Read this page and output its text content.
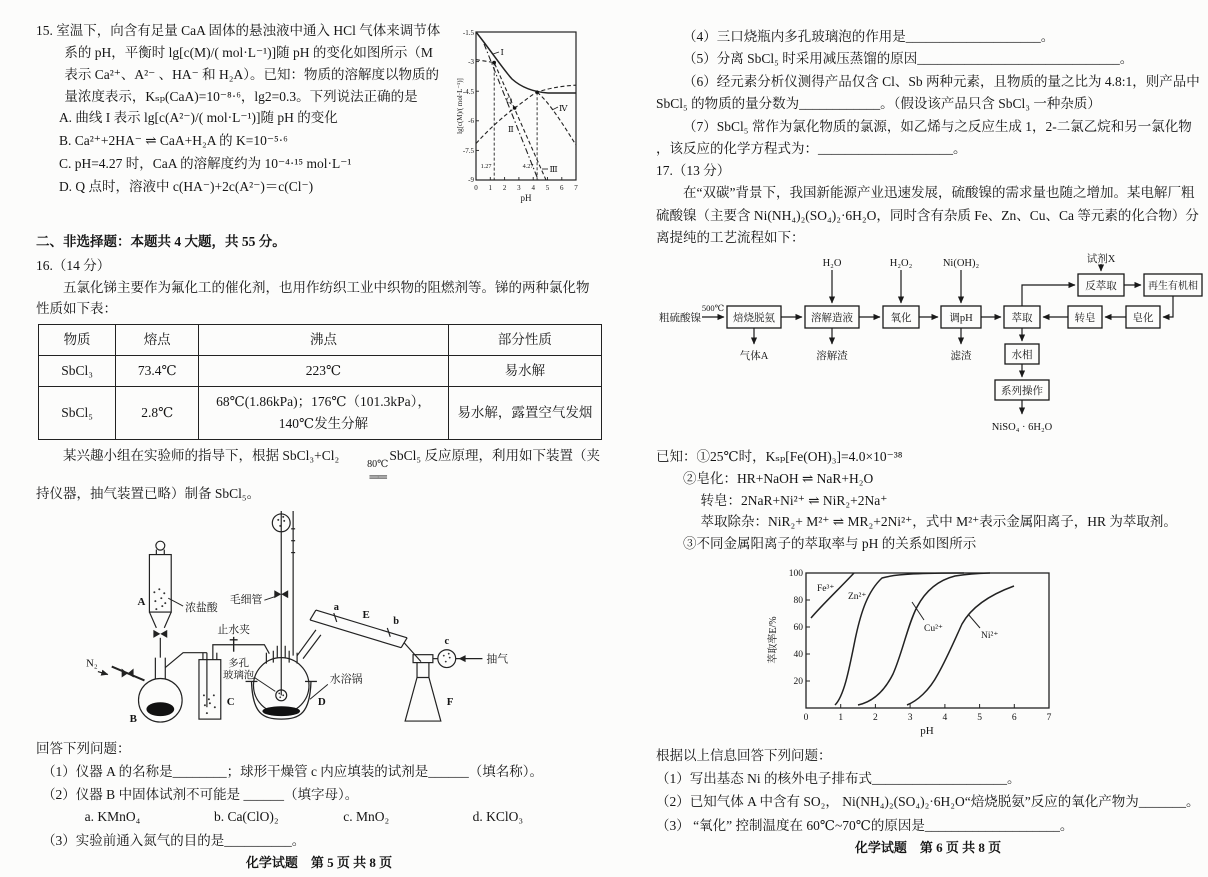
15. 室温下，向含有足量 CaA 固体的悬浊液中通入 HCl 气体来调节体系的 pH，平衡时 lg[c(M)/( mol·L⁻¹)]随 pH 的变化如图所示（M 表示 Ca²⁺、A²⁻ 、HA⁻ 和 H₂A）。已知：物质的溶解度以物质的量浓度表示，Kₛₚ(CaA)=10⁻⁸·⁶，lg2=0.3。下列说法正确的是

A. 曲线 I 表示 lg[c(A²⁻)/( mol·L⁻¹)]随 pH 的变化

B. Ca²⁺+2HA⁻ ⇌ CaA+H₂A 的 K=10⁻⁵·⁶

C. pH=4.27 时，CaA 的溶解度约为 10⁻⁴·¹⁵ mol·L⁻¹

D. Q 点时，溶液中 c(HA⁻)+2c(A²⁻)＝c(Cl⁻)

-1.5
-3
-4.5
-6
-7.5
-9
0 1 2 3 4 5 6 7
pH
lg[c(M)/( mol·L⁻¹)]
Ⅰ
Ⅱ
Ⅲ
Ⅳ
Q
1.27	4.27

二、非选择题：本题共 4 大题，共 55 分。

16.（14 分）

五氯化锑主要作为氟化工的催化剂，也用作纺织工业中织物的阻燃剂等。锑的两种氯化物性质如下表：

物质	熔点	沸点	部分性质
SbCl₃	73.4℃	223℃	易水解
SbCl₅	2.8℃	68℃(1.86kPa)；176℃（101.3kPa），140℃发生分解	易水解，露置空气发烟

某兴趣小组在实验师的指导下，根据 SbCl₃+Cl₂
80℃
══
SbCl₅ 反应原理，利用如下装置（夹持仪器，抽气装置已略）制备 SbCl₅。

A	浓盐酸
N₂
B
C
止水夹
毛细管
多孔
玻璃泡	水浴锅
D
a
E
b
c
F
抽气

回答下列问题：

（1）仪器 A 的名称是________；球形干燥管 c 内应填装的试剂是______（填名称）。

（2）仪器 B 中固体试剂不可能是 ______（填字母）。

a. KMnO₄	b. Ca(ClO)₂	c. MnO₂	d. KClO₃

（3）实验前通入氮气的目的是__________。

化学试题　第 5 页 共 8 页

（4）三口烧瓶内多孔玻璃泡的作用是____________________。

（5）分离 SbCl₅ 时采用减压蒸馏的原因______________________________。

（6）经元素分析仪测得产品仅含 Cl、Sb 两种元素，且物质的量之比为 4.8:1，则产品中 SbCl₅ 的物质的量分数为____________。（假设该产品只含 SbCl₃ 一种杂质）

（7）SbCl₅ 常作为氯化物质的氯源，如乙烯与之反应生成 1，2-二氯乙烷和另一氯化物 ，该反应的化学方程式为：____________________。

17.（13 分）

在“双碳”背景下，我国新能源产业迅速发展，硫酸镍的需求量也随之增加。某电解厂粗硫酸镍（主要含 Ni(NH₄)₂(SO₄)₂·6H₂O，同时含有杂质 Fe、Zn、Cu、Ca 等元素的化合物）分离提纯的工艺流程如下：

粗硫酸镍
500℃
焙烧脱氨
气体A
溶解造液
H₂O
溶解渣
氧化
H₂O₂
调pH
Ni(OH)₂
滤渣
萃取
水相
系列操作
NiSO₄ · 6H₂O
反萃取
试剂X
再生有机相
皂化
转皂

已知：①25℃时，Kₛₚ[Fe(OH)₃]=4.0×10⁻³⁸

②皂化：HR+NaOH ⇌ NaR+H₂O

转皂：2NaR+Ni²⁺ ⇌ NiR₂+2Na⁺

萃取除杂：NiR₂+ M²⁺ ⇌ MR₂+2Ni²⁺，式中 M²⁺表示金属阳离子，HR 为萃取剂。

③不同金属阳离子的萃取率与 pH 的关系如图所示

20
40
60
80
100
0	1	2	3	4	5	6	7
pH
萃取率E/%
Fe³⁺
Zn²⁺
Cu²⁺
Ni²⁺

根据以上信息回答下列问题：

（1）写出基态 Ni 的核外电子排布式____________________。

（2）已知气体 A 中含有 SO₂， Ni(NH₄)₂(SO₄)₂·6H₂O“焙烧脱氨”反应的氧化产物为_______。

（3） “氧化” 控制温度在 60℃~70℃的原因是____________________。

化学试题　第 6 页 共 8 页
